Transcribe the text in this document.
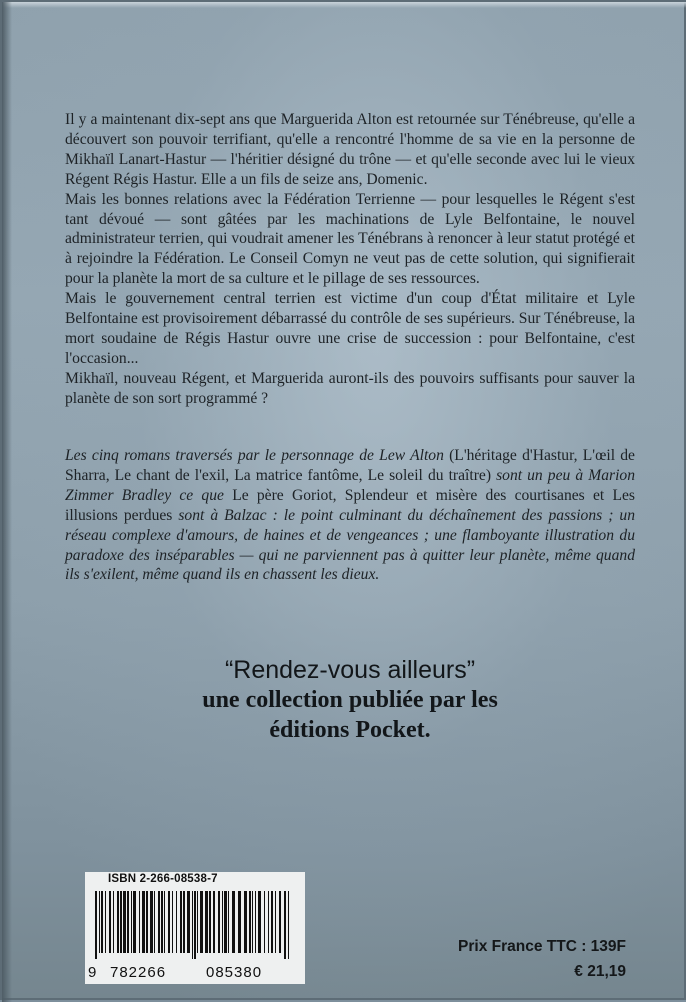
Il y a maintenant dix-sept ans que Marguerida Alton est retournée sur Ténébreuse, qu'elle a découvert son pouvoir terrifiant, qu'elle a rencontré l'homme de sa vie en la personne de Mikhaïl Lanart-Hastur — l'héritier désigné du trône — et qu'elle seconde avec lui le vieux Régent Régis Hastur. Elle a un fils de seize ans, Domenic.

Mais les bonnes relations avec la Fédération Terrienne — pour lesquelles le Régent s'est tant dévoué — sont gâtées par les machinations de Lyle Belfontaine, le nouvel administrateur terrien, qui voudrait amener les Ténébrans à renoncer à leur statut protégé et à rejoindre la Fédération. Le Conseil Comyn ne veut pas de cette solution, qui signifierait pour la planète la mort de sa culture et le pillage de ses ressources.

Mais le gouvernement central terrien est victime d'un coup d'État militaire et Lyle Belfontaine est provisoirement débarrassé du contrôle de ses supérieurs. Sur Ténébreuse, la mort soudaine de Régis Hastur ouvre une crise de succession : pour Belfontaine, c'est l'occasion...

Mikhaïl, nouveau Régent, et Marguerida auront-ils des pouvoirs suffisants pour sauver la planète de son sort programmé ?

Les cinq romans traversés par le personnage de Lew Alton (L'héritage d'Hastur, L'œil de Sharra, Le chant de l'exil, La matrice fantôme, Le soleil du traître) sont un peu à Marion Zimmer Bradley ce que Le père Goriot, Splendeur et misère des courtisanes et Les illusions perdues sont à Balzac : le point culminant du déchaînement des passions ; un réseau complexe d'amours, de haines et de vengeances ; une flamboyante illustration du paradoxe des inséparables — qui ne parviennent pas à quitter leur planète, même quand ils s'exilent, même quand ils en chassent les dieux.
“Rendez-vous ailleurs”
une collection publiée par les
éditions Pocket.
ISBN 2-266-08538-7
9 782266	085380
Prix France TTC : 139F
€ 21,19
